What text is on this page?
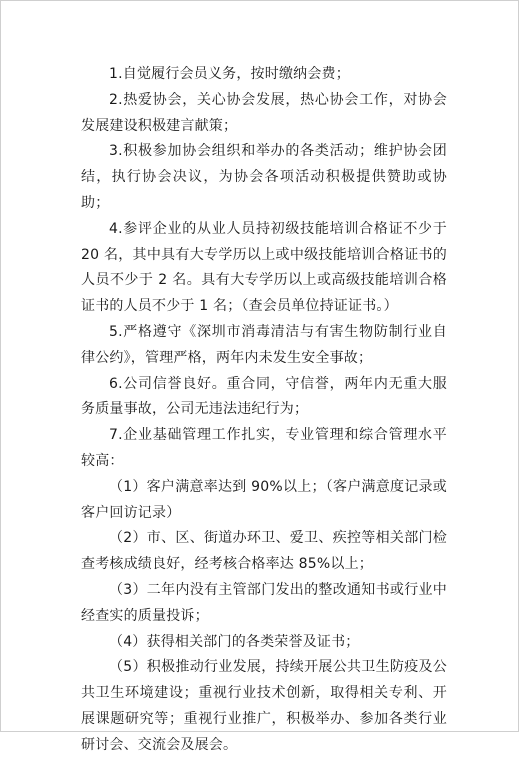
1.自觉履行会员义务，按时缴纳会费；

2.热爱协会，关心协会发展，热心协会工作，对协会发展建设积极建言献策；

3.积极参加协会组织和举办的各类活动；维护协会团结，执行协会决议，为协会各项活动积极提供赞助或协助；

4.参评企业的从业人员持初级技能培训合格证不少于 20 名，其中具有大专学历以上或中级技能培训合格证书的人员不少于 2 名。具有大专学历以上或高级技能培训合格证书的人员不少于 1 名；（查会员单位持证证书。）

5.严格遵守《深圳市消毒清洁与有害生物防制行业自律公约》，管理严格，两年内未发生安全事故；

6.公司信誉良好。重合同，守信誉，两年内无重大服务质量事故，公司无违法违纪行为；

7.企业基础管理工作扎实，专业管理和综合管理水平较高：

（1）客户满意率达到 90%以上；（客户满意度记录或客户回访记录）

（2）市、区、街道办环卫、爱卫、疾控等相关部门检查考核成绩良好，经考核合格率达 85%以上；

（3）二年内没有主管部门发出的整改通知书或行业中经查实的质量投诉；

（4）获得相关部门的各类荣誉及证书；

（5）积极推动行业发展，持续开展公共卫生防疫及公共卫生环境建设；重视行业技术创新，取得相关专利、开展课题研究等；重视行业推广，积极举办、参加各类行业研讨会、交流会及展会。
